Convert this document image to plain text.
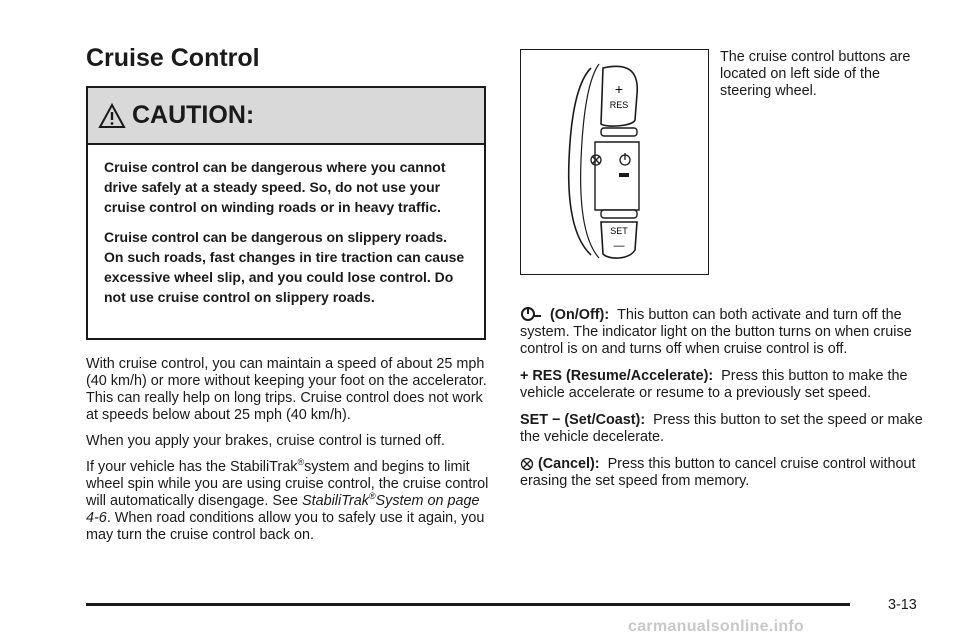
Cruise Control
CAUTION:

Cruise control can be dangerous where you cannot drive safely at a steady speed. So, do not use your cruise control on winding roads or in heavy traffic.

Cruise control can be dangerous on slippery roads. On such roads, fast changes in tire traction can cause excessive wheel slip, and you could lose control. Do not use cruise control on slippery roads.

With cruise control, you can maintain a speed of about 25 mph (40 km/h) or more without keeping your foot on the accelerator. This can really help on long trips. Cruise control does not work at speeds below about 25 mph (40 km/h).

When you apply your brakes, cruise control is turned off.

If your vehicle has the StabiliTrak®system and begins to limit wheel spin while you are using cruise control, the cruise control will automatically disengage. See StabiliTrak®System on page 4-6. When road conditions allow you to safely use it again, you may turn the cruise control back on.

+
RES
SET
—
The cruise control buttons are located on left side of the steering wheel.

(On/Off): This button can both activate and turn off the system. The indicator light on the button turns on when cruise control is on and turns off when cruise control is off.

+ RES (Resume/Accelerate): Press this button to make the vehicle accelerate or resume to a previously set speed.

SET − (Set/Coast): Press this button to set the speed or make the vehicle decelerate.

(Cancel): Press this button to cancel cruise control without erasing the set speed from memory.

3-13
carmanualsonline.info
